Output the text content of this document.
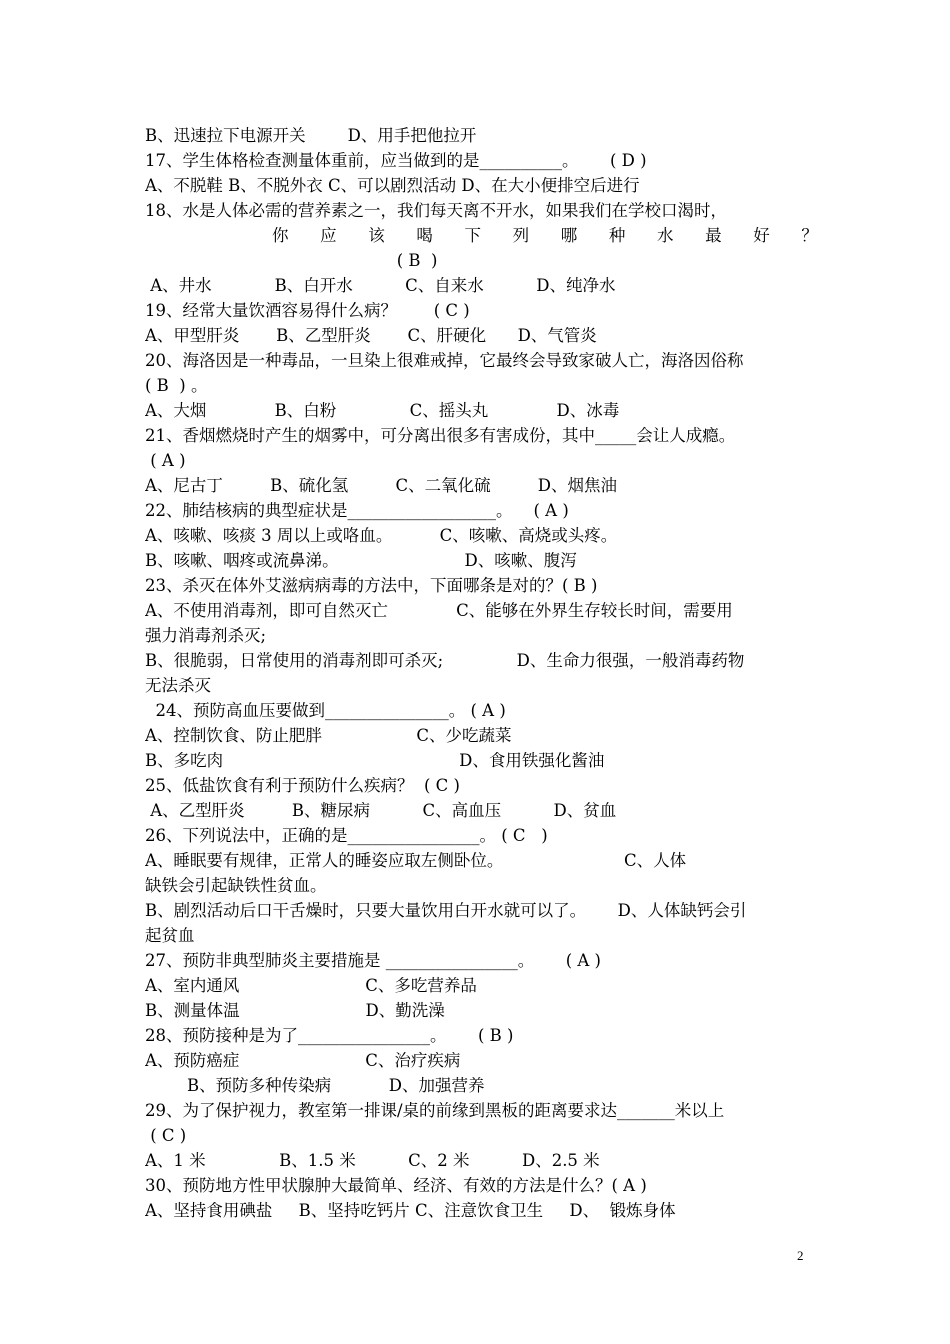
B、迅速拉下电源开关        D、用手把他拉开
17、学生体格检查测量体重前，应当做到的是__________。      ( D )
A、不脱鞋 B、不脱外衣 C、可以剧烈活动 D、在大小便排空后进行
18、水是人体必需的营养素之一，我们每天离不开水，如果我们在学校口渴时，
( B  )
A、井水            B、白开水          C、自来水          D、纯净水
19、经常大量饮酒容易得什么病？       ( C )
A、甲型肝炎       B、乙型肝炎       C、肝硬化      D、气管炎
20、海洛因是一种毒品，一旦染上很难戒掉，它最终会导致家破人亡，海洛因俗称
( B  ) 。
A、大烟             B、白粉              C、摇头丸             D、冰毒
21、香烟燃烧时产生的烟雾中，可分离出很多有害成份，其中_____会让人成瘾。
( A )
A、尼古丁         B、硫化氢         C、二氧化硫         D、烟焦油
22、肺结核病的典型症状是__________________。    ( A )
A、咳嗽、咳痰 3 周以上或咯血。         C、咳嗽、高烧或头疼。
B、咳嗽、咽疼或流鼻涕。                        D、咳嗽、腹泻
23、杀灭在体外艾滋病病毒的方法中，下面哪条是对的？( B )
A、不使用消毒剂，即可自然灭亡             C、能够在外界生存较长时间，需要用
强力消毒剂杀灭;
B、很脆弱，日常使用的消毒剂即可杀灭;              D、生命力很强，一般消毒药物
无法杀灭
24、预防高血压要做到_______________。 ( A )
A、控制饮食、防止肥胖                  C、少吃蔬菜
B、多吃肉                                             D、食用铁强化酱油
25、低盐饮食有利于预防什么疾病？  ( C )
A、乙型肝炎         B、糖尿病          C、高血压          D、贫血
26、下列说法中，正确的是________________。 ( C   )
A、睡眠要有规律，正常人的睡姿应取左侧卧位。                       C、人体
缺铁会引起缺铁性贫血。
B、剧烈活动后口干舌燥时，只要大量饮用白开水就可以了。      D、人体缺钙会引
起贫血
27、预防非典型肺炎主要措施是 ________________。      ( A )
A、室内通风                        C、多吃营养品
B、测量体温                        D、勤洗澡
28、预防接种是为了________________。      ( B )
A、预防癌症                        C、治疗疾病
B、预防多种传染病           D、加强营养
29、为了保护视力，教室第一排课/桌的前缘到黑板的距离要求达_______米以上
( C )
A、1 米              B、1.5 米          C、2 米          D、2.5 米
30、预防地方性甲状腺肿大最简单、经济、有效的方法是什么？( A )
A、坚持食用碘盐     B、坚持吃钙片 C、注意饮食卫生     D、  锻炼身体
你 应 该 喝 下 列 哪 种 水 最 好 ？
2
